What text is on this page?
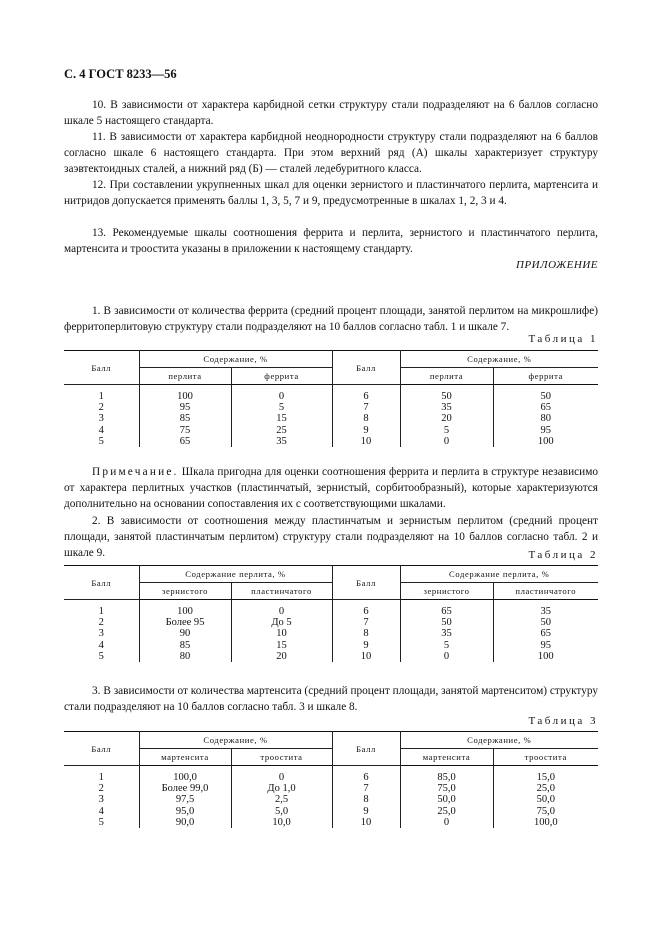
С. 4 ГОСТ 8233—56
10. В зависимости от характера карбидной сетки структуру стали подразделяют на 6 баллов согласно шкале 5 настоящего стандарта.
11. В зависимости от характера карбидной неоднородности структуру стали подразделяют на 6 баллов согласно шкале 6 настоящего стандарта. При этом верхний ряд (А) шкалы характеризует структуру заэвтектоидных сталей, а нижний ряд (Б) — сталей ледебуритного класса.
12. При составлении укрупненных шкал для оценки зернистого и пластинчатого перлита, мартенсита и нитридов допускается применять баллы 1, 3, 5, 7 и 9, предусмотренные в шкалах 1, 2, 3 и 4.
13. Рекомендуемые шкалы соотношения феррита и перлита, зернистого и пластинчатого перлита, мартенсита и троостита указаны в приложении к настоящему стандарту.
ПРИЛОЖЕНИЕ
1. В зависимости от количества феррита (средний процент площади, занятой перлитом на микрошлифе) ферритоперлитовую структуру стали подразделяют на 10 баллов согласно табл. 1 и шкале 7.
Таблица 1
Балл	Содержание, %		Балл	Содержание, %	
	перлита	феррита		перлита	феррита
1	100	0	6	50	50
2	95	5	7	35	65
3	85	15	8	20	80
4	75	25	9	5	95
5	65	35	10	0	100
Примечание. Шкала пригодна для оценки соотношения феррита и перлита в структуре независимо от характера перлитных участков (пластинчатый, зернистый, сорбитообразный), которые характеризуются дополнительно на основании сопоставления их с соответствующими шкалами.
2. В зависимости от соотношения между пластинчатым и зернистым перлитом (средний процент площади, занятой пластинчатым перлитом) структуру стали подразделяют на 10 баллов согласно табл. 2 и шкале 9.	Таблица 2
Балл	Содержание перлита, %		Балл	Содержание перлита, %	
	зернистого	пластинчатого		зернистого	пластинчатого
1	100	0	6	65	35
2	Более 95	До 5	7	50	50
3	90	10	8	35	65
4	85	15	9	5	95
5	80	20	10	0	100
3. В зависимости от количества мартенсита (средний процент площади, занятой мартенситом) структуру стали подразделяют на 10 баллов согласно табл. 3 и шкале 8.
Таблица 3
Балл	Содержание, %		Балл	Содержание, %	
	мартенсита	троостита		мартенсита	троостита
1	100,0	0	6	85,0	15,0
2	Более 99,0	До 1,0	7	75,0	25,0
3	97,5	2,5	8	50,0	50,0
4	95,0	5,0	9	25,0	75,0
5	90,0	10,0	10	0	100,0
